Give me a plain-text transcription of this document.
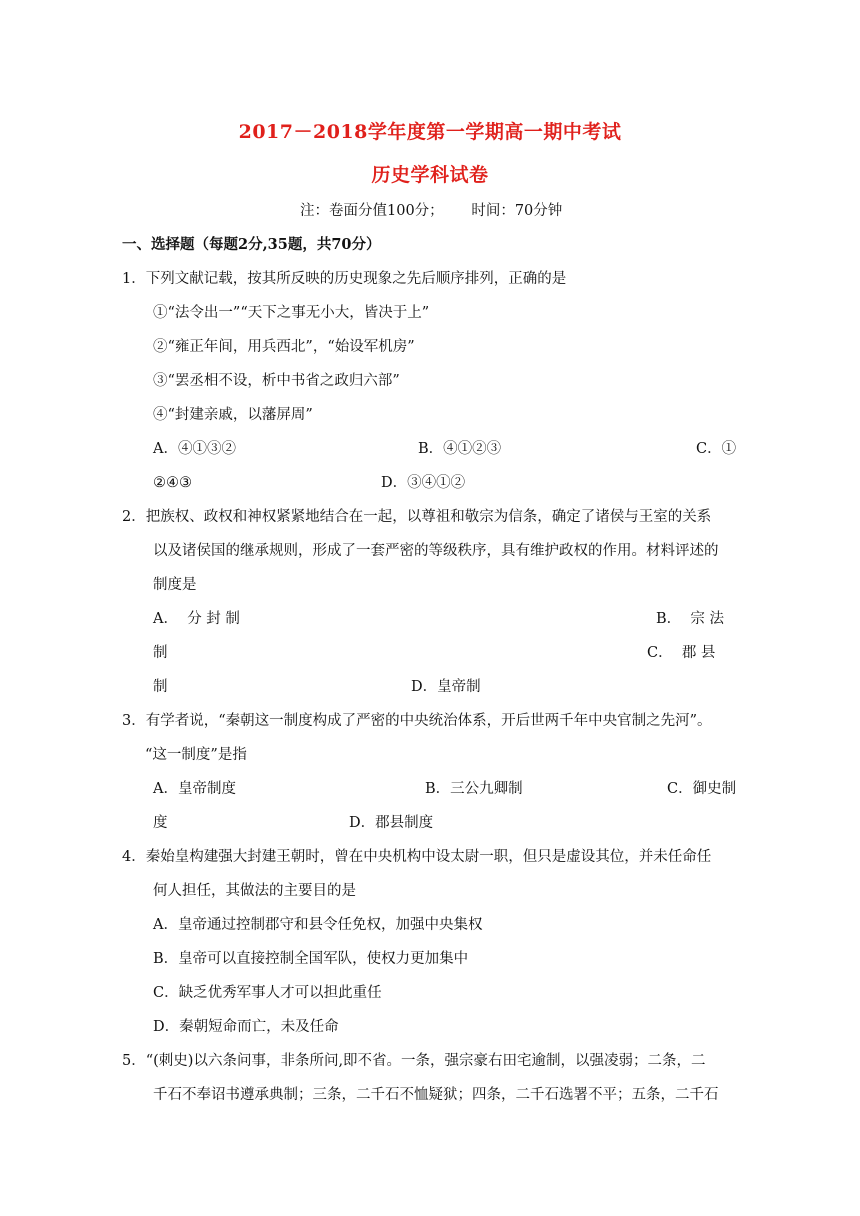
2017－2018学年度第一学期高一期中考试
历史学科试卷
注：卷面分值100分；      时间：70分钟
一、选择题（每题2分,35题，共70分）
1．下列文献记载，按其所反映的历史现象之先后顺序排列，正确的是
①“法令出一”“天下之事无小大，皆决于上”
②“雍正年间，用兵西北”，“始设军机房”
③“罢丞相不设，析中书省之政归六部”
④“封建亲戚，以藩屏周”
A．④①③②	B．④①②③	C．①
②④③	D．③④①②
2．把族权、政权和神权紧紧地结合在一起，以尊祖和敬宗为信条，确定了诸侯与王室的关系
以及诸侯国的继承规则，形成了一套严密的等级秩序，具有维护政权的作用。材料评述的
制度是
A．  分 封 制	B．  宗 法
制	C．  郡 县
制	D．皇帝制
3．有学者说，“秦朝这一制度构成了严密的中央统治体系，开后世两千年中央官制之先河”。
“这一制度”是指
A．皇帝制度	B．三公九卿制	C．御史制
度	D．郡县制度
4．秦始皇构建强大封建王朝时，曾在中央机构中设太尉一职，但只是虚设其位，并未任命任
何人担任，其做法的主要目的是
A．皇帝通过控制郡守和县令任免权，加强中央集权
B．皇帝可以直接控制全国军队，使权力更加集中
C．缺乏优秀军事人才可以担此重任
D．秦朝短命而亡，未及任命
5．“(刺史)以六条问事，非条所问,即不省。一条，强宗豪右田宅逾制，以强凌弱；二条，二
千石不奉诏书遵承典制；三条，二千石不恤疑狱；四条，二千石选署不平；五条，二千石
